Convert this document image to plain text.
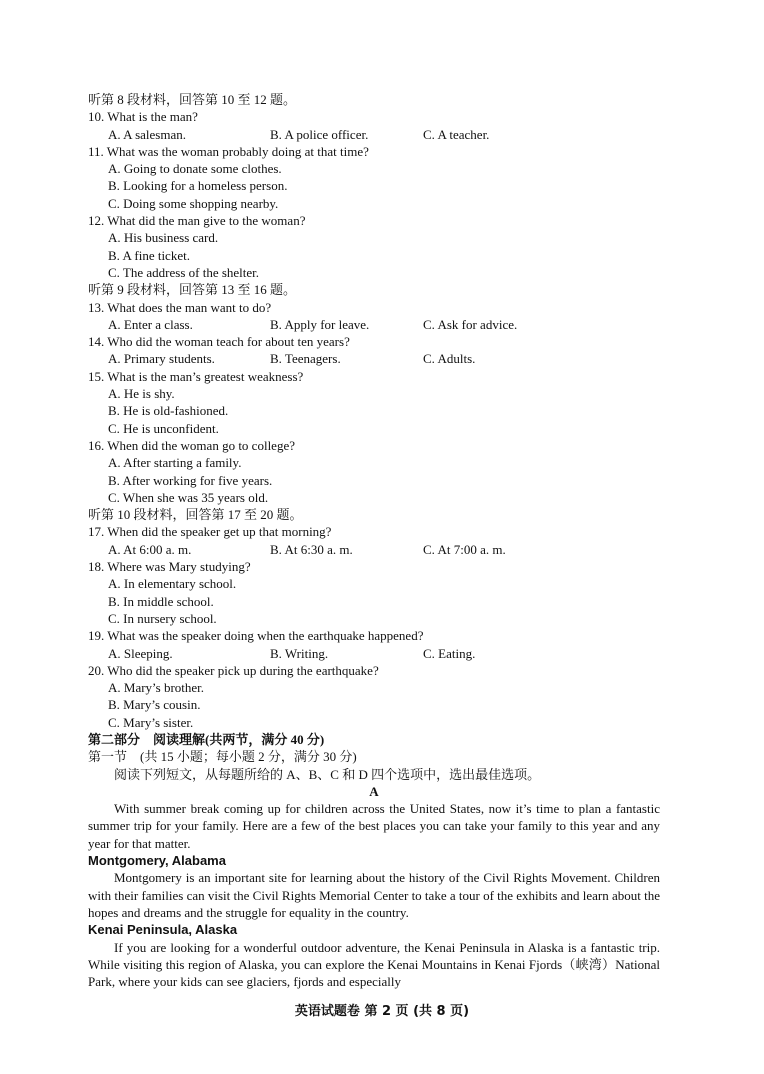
听第 8 段材料，回答第 10 至 12 题。
10. What is the man?
A. A salesman.	B. A police officer.	C. A teacher.
11. What was the woman probably doing at that time?
A. Going to donate some clothes.
B. Looking for a homeless person.
C. Doing some shopping nearby.
12. What did the man give to the woman?
A. His business card.
B. A fine ticket.
C. The address of the shelter.
听第 9 段材料，回答第 13 至 16 题。
13. What does the man want to do?
A. Enter a class.	B. Apply for leave.	C. Ask for advice.
14. Who did the woman teach for about ten years?
A. Primary students.	B. Teenagers.	C. Adults.
15. What is the man’s greatest weakness?
A. He is shy.
B. He is old-fashioned.
C. He is unconfident.
16. When did the woman go to college?
A. After starting a family.
B. After working for five years.
C. When she was 35 years old.
听第 10 段材料，回答第 17 至 20 题。
17. When did the speaker get up that morning?
A. At 6:00 a. m.	B. At 6:30 a. m.	C. At 7:00 a. m.
18. Where was Mary studying?
A. In elementary school.
B. In middle school.
C. In nursery school.
19. What was the speaker doing when the earthquake happened?
A. Sleeping.	B. Writing.	C. Eating.
20. Who did the speaker pick up during the earthquake?
A. Mary’s brother.
B. Mary’s cousin.
C. Mary’s sister.
第二部分　阅读理解(共两节，满分 40 分)
第一节　(共 15 小题；每小题 2 分，满分 30 分)
阅读下列短文，从每题所给的 A、B、C 和 D 四个选项中，选出最佳选项。
A

With summer break coming up for children across the United States, now it’s time to plan a fantastic summer trip for your family. Here are a few of the best places you can take your family to this year and any year for that matter.

Montgomery, Alabama

Montgomery is an important site for learning about the history of the Civil Rights Movement. Children with their families can visit the Civil Rights Memorial Center to take a tour of the exhibits and learn about the hopes and dreams and the struggle for equality in the country.

Kenai Peninsula, Alaska

If you are looking for a wonderful outdoor adventure, the Kenai Peninsula in Alaska is a fantastic trip. While visiting this region of Alaska, you can explore the Kenai Mountains in Kenai Fjords（峡湾）National Park, where your kids can see glaciers, fjords and especially

英语试题卷 第 2 页 (共 8 页)
